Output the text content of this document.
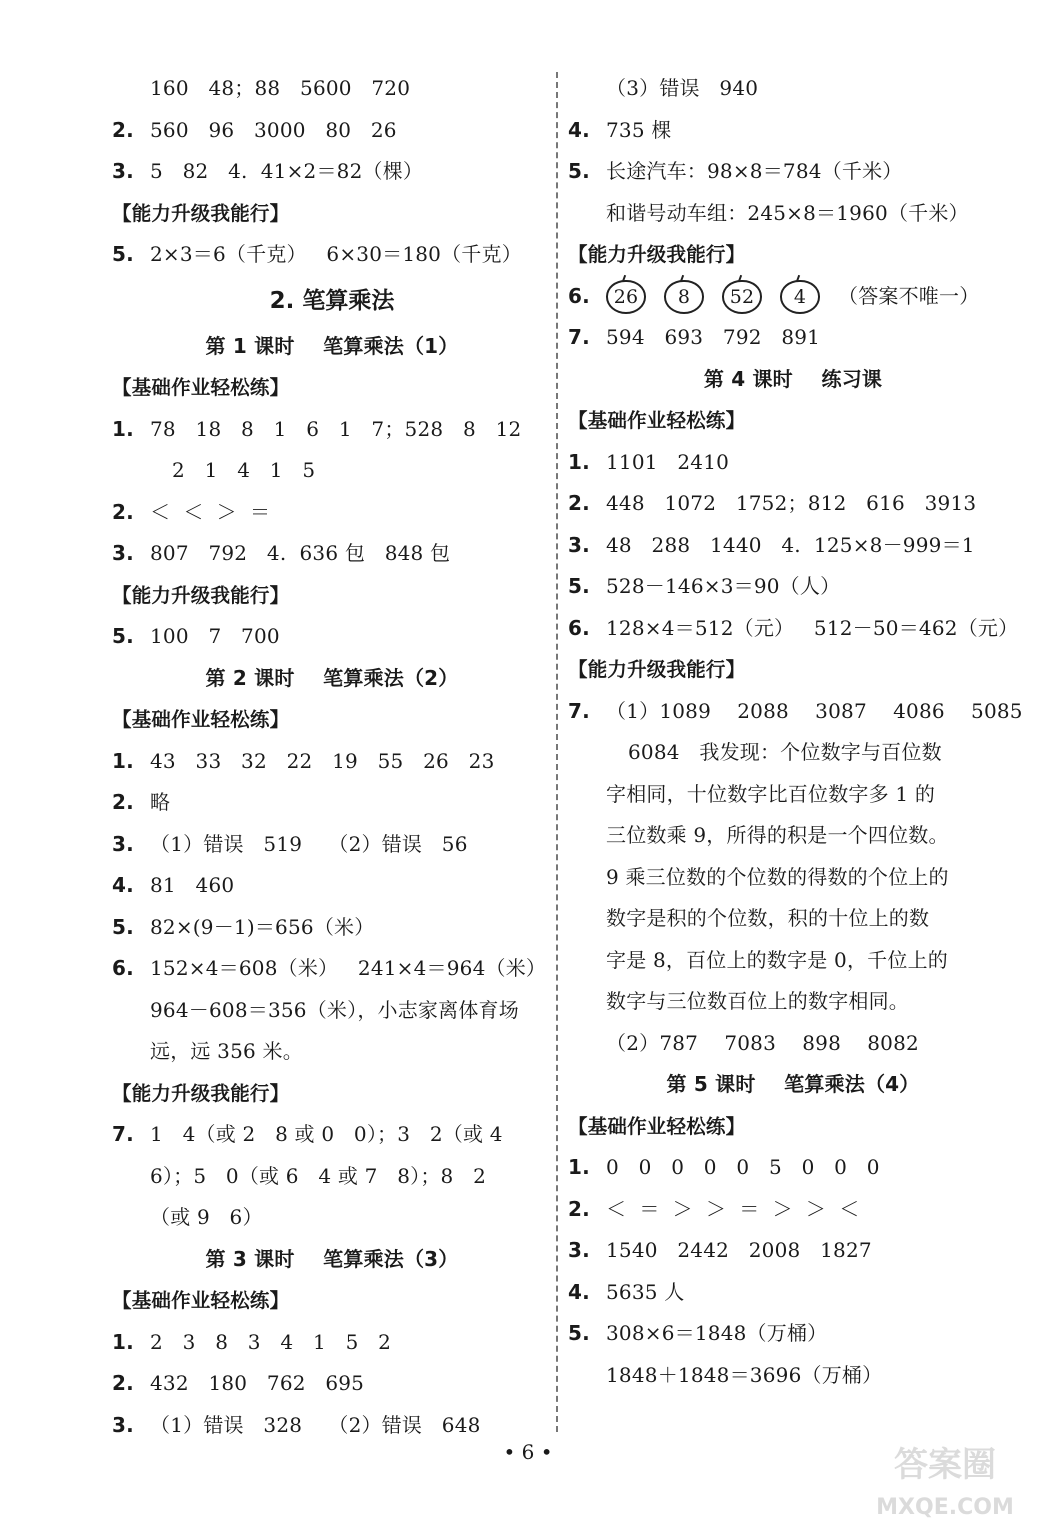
160   48；88   5600   720
2. 560   96   3000   80   26
3. 5   82   4.  41×2＝82（棵）
【能力升级我能行】
5. 2×3＝6（千克）   6×30＝180（千克）
2. 笔算乘法
第 1 课时    笔算乘法（1）
【基础作业轻松练】
1. 78   18   8   1   6   1   7；528   8   12
2   1   4   1   5
2. ＜  ＜  ＞  ＝
3. 807   792   4.  636 包   848 包
【能力升级我能行】
5. 100   7   700
第 2 课时    笔算乘法（2）
【基础作业轻松练】
1. 43   33   32   22   19   55   26   23
2. 略
3. （1）错误   519    （2）错误   56
4. 81   460
5. 82×(9－1)＝656（米）
6. 152×4＝608（米）   241×4＝964（米）
964－608＝356（米），小志家离体育场
远，远 356 米。
【能力升级我能行】
7. 1   4（或 2   8 或 0   0）；3   2（或 4
6）；5   0（或 6   4 或 7   8）；8   2
（或 9   6）
第 3 课时    笔算乘法（3）
【基础作业轻松练】
1. 2   3   8   3   4   1   5   2
2. 432   180   762   695
3. （1）错误   328    （2）错误   648
（3）错误   940
4. 735 棵
5. 长途汽车：98×8＝784（千米）
和谐号动车组：245×8＝1960（千米）
【能力升级我能行】
6. 26 8 52 4 （答案不唯一）
7. 594   693   792   891
第 4 课时    练习课
【基础作业轻松练】
1. 1101   2410
2. 448   1072   1752；812   616   3913
3. 48   288   1440   4.  125×8－999＝1
5. 528－146×3＝90（人）
6. 128×4＝512（元）   512－50＝462（元）
【能力升级我能行】
7. （1）1089    2088    3087    4086    5085
6084   我发现：个位数字与百位数
字相同，十位数字比百位数字多 1 的
三位数乘 9，所得的积是一个四位数。
9 乘三位数的个位数的得数的个位上的
数字是积的个位数，积的十位上的数
字是 8，百位上的数字是 0，千位上的
数字与三位数百位上的数字相同。
（2）787    7083    898    8082
第 5 课时    笔算乘法（4）
【基础作业轻松练】
1. 0   0   0   0   0   5   0   0   0
2. ＜  ＝  ＞  ＞  ＝  ＞  ＞  ＜
3. 1540   2442   2008   1827
4. 5635 人
5. 308×6＝1848（万桶）
1848＋1848＝3696（万桶）
• 6 •	答案圈
MXQE.COM
